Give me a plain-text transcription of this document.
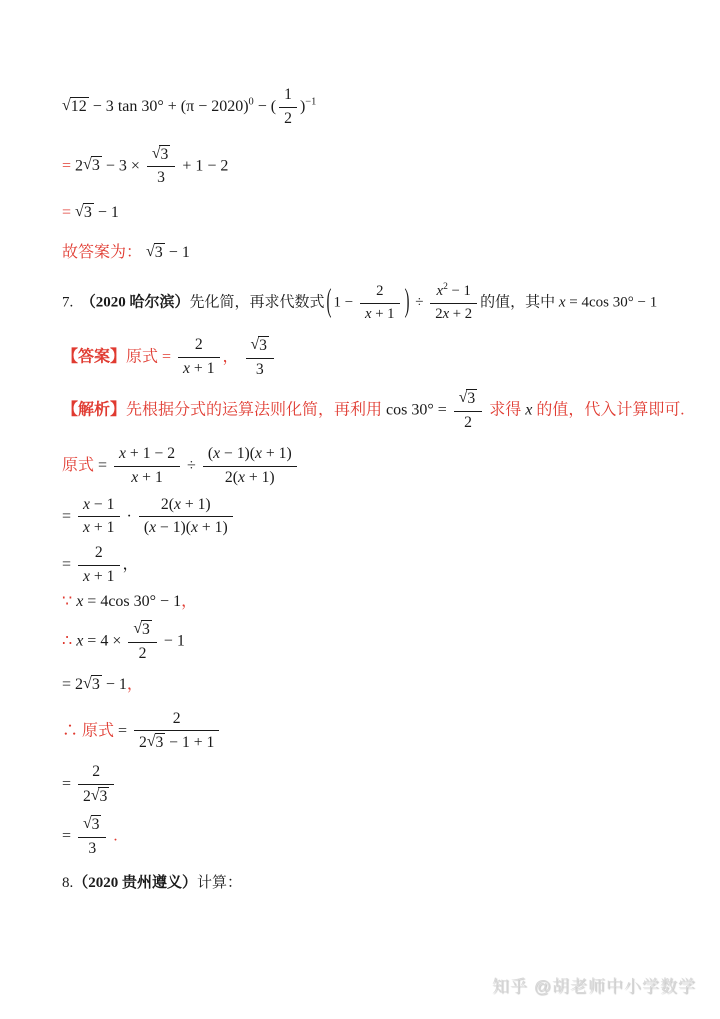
√12 − 3 $\tan 30^\circ + (\pi - 2020)^0$ − ( $\frac{1}{2} )^{-1}$
= $2√3 - 3 \times \frac{√3}{3} + 1 - 2$
= √3 − 1
故答案为： √3 − 1
7.  （2020 哈尔滨）先化简，再求代数式 ( $1 - \frac{2}{x + 1}$ ) ÷ $\frac{x^2 - 1}{2x + 2}$ 的值，其中 x = 4cos 30° − 1
【答案】原式 = $\frac{2}{x + 1}$ ， $\frac{√3}{3}$
【解析】先根据分式的运算法则化简，再利用 $\cos 30^\circ = \frac{√3}{2}$ 求得 x 的值，代入计算即可.
原式 = $\frac{x + 1 - 2}{x + 1} \div \frac{(x - 1)(x + 1)}{2(x + 1)}$
= $\frac{x - 1}{x + 1} \cdot \frac{2(x + 1)}{(x - 1)(x + 1)}$
= $\frac{2}{x + 1}$ ，
∵ x = 4cos 30° − 1，
∴ $x = 4 \times \frac{√3}{2} - 1$
= 2√3 − 1，
∴ 原式 = $\frac{2}{2√3 - 1 + 1}$
= $\frac{2}{2√3}$
= $\frac{√3}{3}$ .
8.（2020 贵州遵义）计算：
知乎 @胡老师中小学数学
